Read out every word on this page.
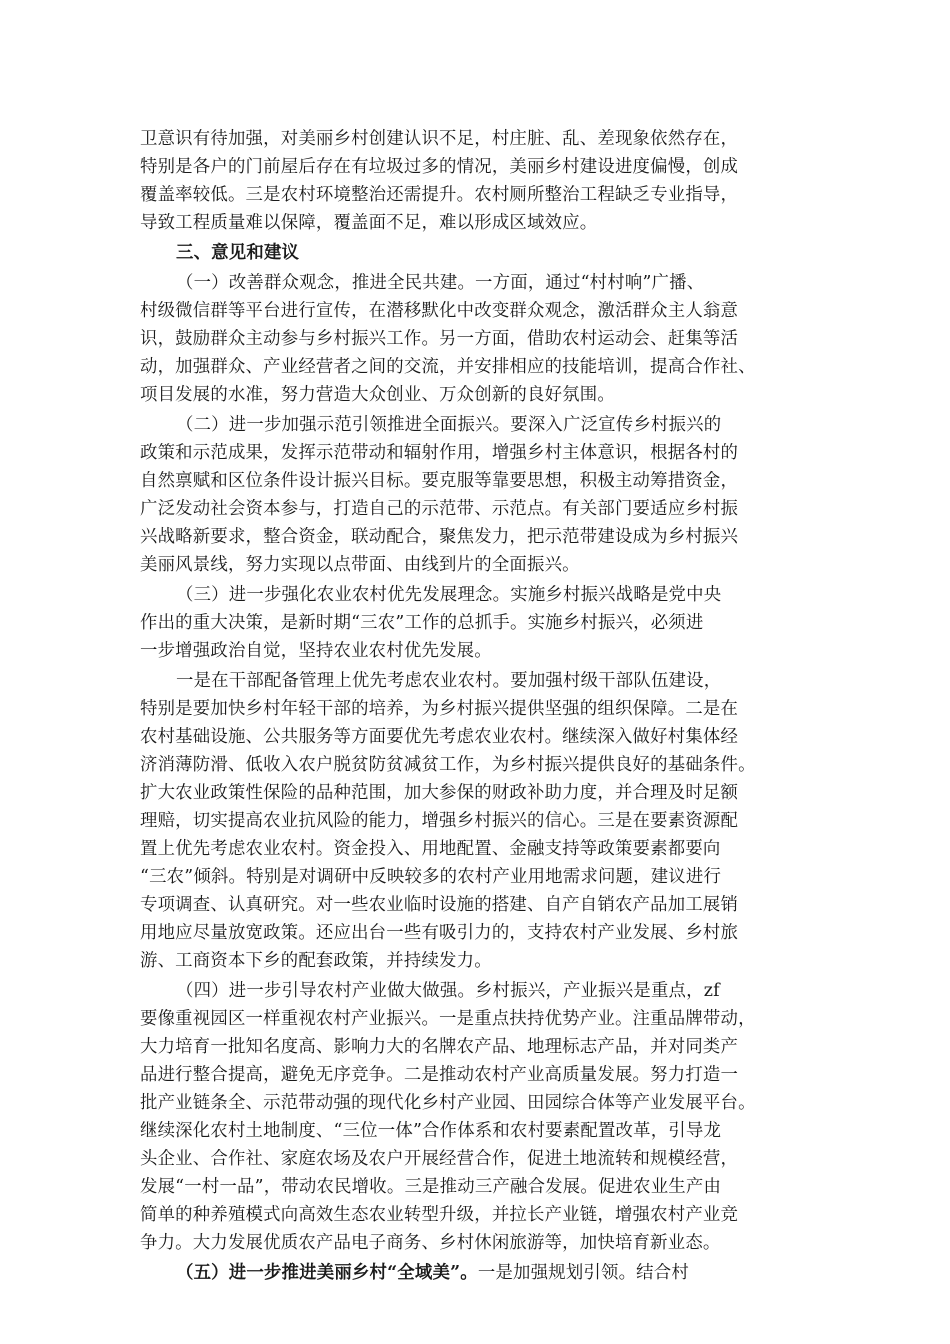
卫意识有待加强，对美丽乡村创建认识不足，村庄脏、乱、差现象依然存在，
特别是各户的门前屋后存在有垃圾过多的情况，美丽乡村建设进度偏慢，创成
覆盖率较低。三是农村环境整治还需提升。农村厕所整治工程缺乏专业指导，
导致工程质量难以保障，覆盖面不足，难以形成区域效应。
三、意见和建议
（一）改善群众观念，推进全民共建。一方面，通过“村村响”广播、
村级微信群等平台进行宣传，在潜移默化中改变群众观念，激活群众主人翁意
识，鼓励群众主动参与乡村振兴工作。另一方面，借助农村运动会、赶集等活
动，加强群众、产业经营者之间的交流，并安排相应的技能培训，提高合作社、
项目发展的水准，努力营造大众创业、万众创新的良好氛围。
（二）进一步加强示范引领推进全面振兴。要深入广泛宣传乡村振兴的
政策和示范成果，发挥示范带动和辐射作用，增强乡村主体意识，根据各村的
自然禀赋和区位条件设计振兴目标。要克服等靠要思想，积极主动筹措资金，
广泛发动社会资本参与，打造自己的示范带、示范点。有关部门要适应乡村振
兴战略新要求，整合资金，联动配合，聚焦发力，把示范带建设成为乡村振兴
美丽风景线，努力实现以点带面、由线到片的全面振兴。
（三）进一步强化农业农村优先发展理念。实施乡村振兴战略是党中央
作出的重大决策，是新时期“三农”工作的总抓手。实施乡村振兴，必须进
一步增强政治自觉，坚持农业农村优先发展。
一是在干部配备管理上优先考虑农业农村。要加强村级干部队伍建设，
特别是要加快乡村年轻干部的培养，为乡村振兴提供坚强的组织保障。二是在
农村基础设施、公共服务等方面要优先考虑农业农村。继续深入做好村集体经
济消薄防滑、低收入农户脱贫防贫减贫工作，为乡村振兴提供良好的基础条件。
扩大农业政策性保险的品种范围，加大参保的财政补助力度，并合理及时足额
理赔，切实提高农业抗风险的能力，增强乡村振兴的信心。三是在要素资源配
置上优先考虑农业农村。资金投入、用地配置、金融支持等政策要素都要向
“三农”倾斜。特别是对调研中反映较多的农村产业用地需求问题，建议进行
专项调查、认真研究。对一些农业临时设施的搭建、自产自销农产品加工展销
用地应尽量放宽政策。还应出台一些有吸引力的，支持农村产业发展、乡村旅
游、工商资本下乡的配套政策，并持续发力。
（四）进一步引导农村产业做大做强。乡村振兴，产业振兴是重点，zf
要像重视园区一样重视农村产业振兴。一是重点扶持优势产业。注重品牌带动，
大力培育一批知名度高、影响力大的名牌农产品、地理标志产品，并对同类产
品进行整合提高，避免无序竞争。二是推动农村产业高质量发展。努力打造一
批产业链条全、示范带动强的现代化乡村产业园、田园综合体等产业发展平台。
继续深化农村土地制度、“三位一体”合作体系和农村要素配置改革，引导龙
头企业、合作社、家庭农场及农户开展经营合作，促进土地流转和规模经营，
发展“一村一品”，带动农民增收。三是推动三产融合发展。促进农业生产由
简单的种养殖模式向高效生态农业转型升级，并拉长产业链，增强农村产业竞
争力。大力发展优质农产品电子商务、乡村休闲旅游等，加快培育新业态。
（五）进一步推进美丽乡村“全域美”。一是加强规划引领。结合村
